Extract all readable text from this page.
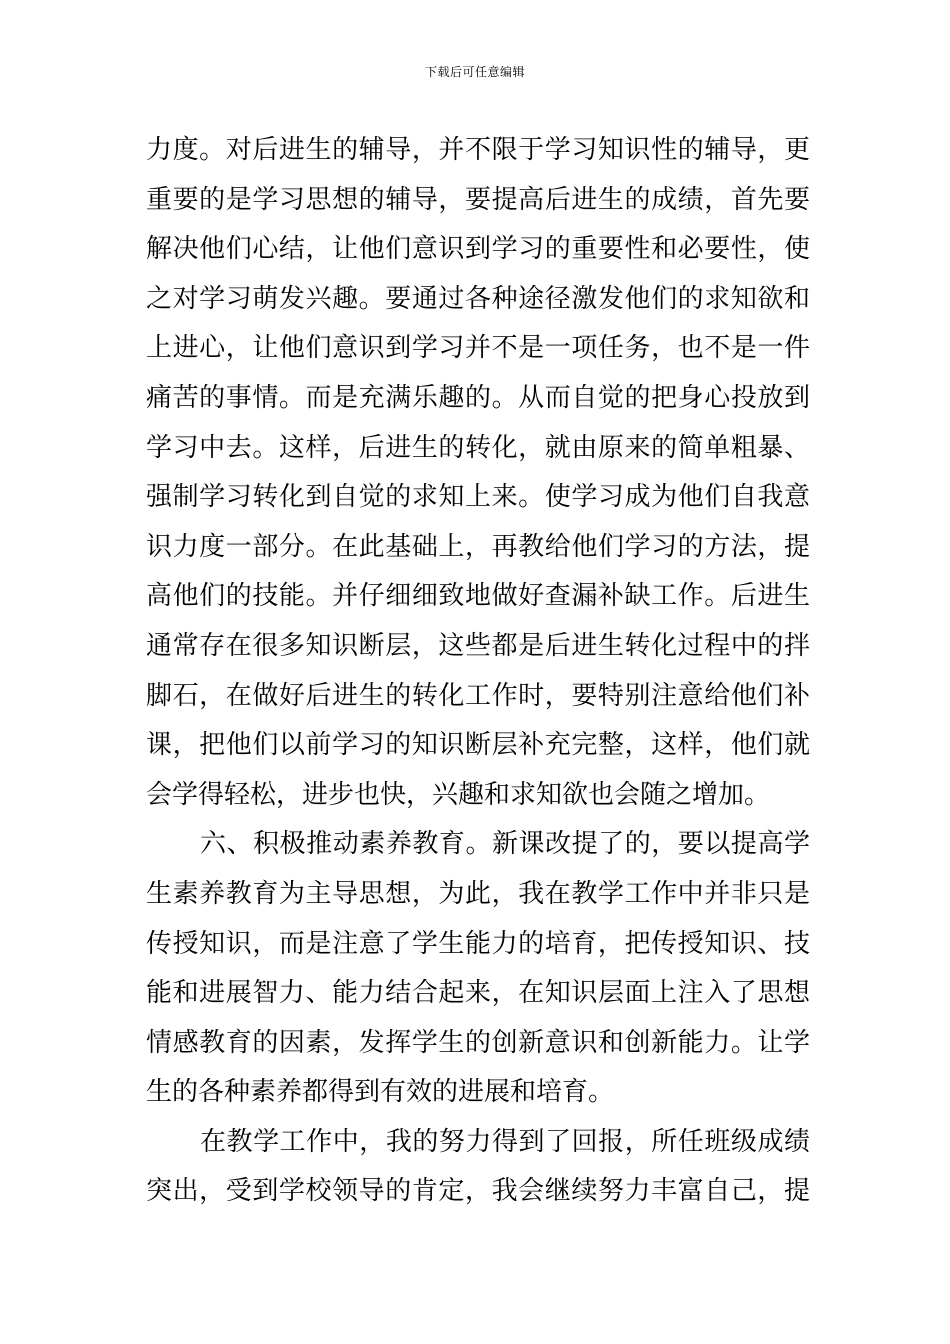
下载后可任意编辑
力度。对后进生的辅导，并不限于学习知识性的辅导，更
重要的是学习思想的辅导，要提高后进生的成绩，首先要
解决他们心结，让他们意识到学习的重要性和必要性，使
之对学习萌发兴趣。要通过各种途径激发他们的求知欲和
上进心，让他们意识到学习并不是一项任务，也不是一件
痛苦的事情。而是充满乐趣的。从而自觉的把身心投放到
学习中去。这样，后进生的转化，就由原来的简单粗暴、
强制学习转化到自觉的求知上来。使学习成为他们自我意
识力度一部分。在此基础上，再教给他们学习的方法，提
高他们的技能。并仔细细致地做好查漏补缺工作。后进生
通常存在很多知识断层，这些都是后进生转化过程中的拌
脚石，在做好后进生的转化工作时，要特别注意给他们补
课，把他们以前学习的知识断层补充完整，这样，他们就
会学得轻松，进步也快，兴趣和求知欲也会随之增加。
六、积极推动素养教育。新课改提了的，要以提高学
生素养教育为主导思想，为此，我在教学工作中并非只是
传授知识，而是注意了学生能力的培育，把传授知识、技
能和进展智力、能力结合起来，在知识层面上注入了思想
情感教育的因素，发挥学生的创新意识和创新能力。让学
生的各种素养都得到有效的进展和培育。
在教学工作中，我的努力得到了回报，所任班级成绩
突出，受到学校领导的肯定，我会继续努力丰富自己，提
